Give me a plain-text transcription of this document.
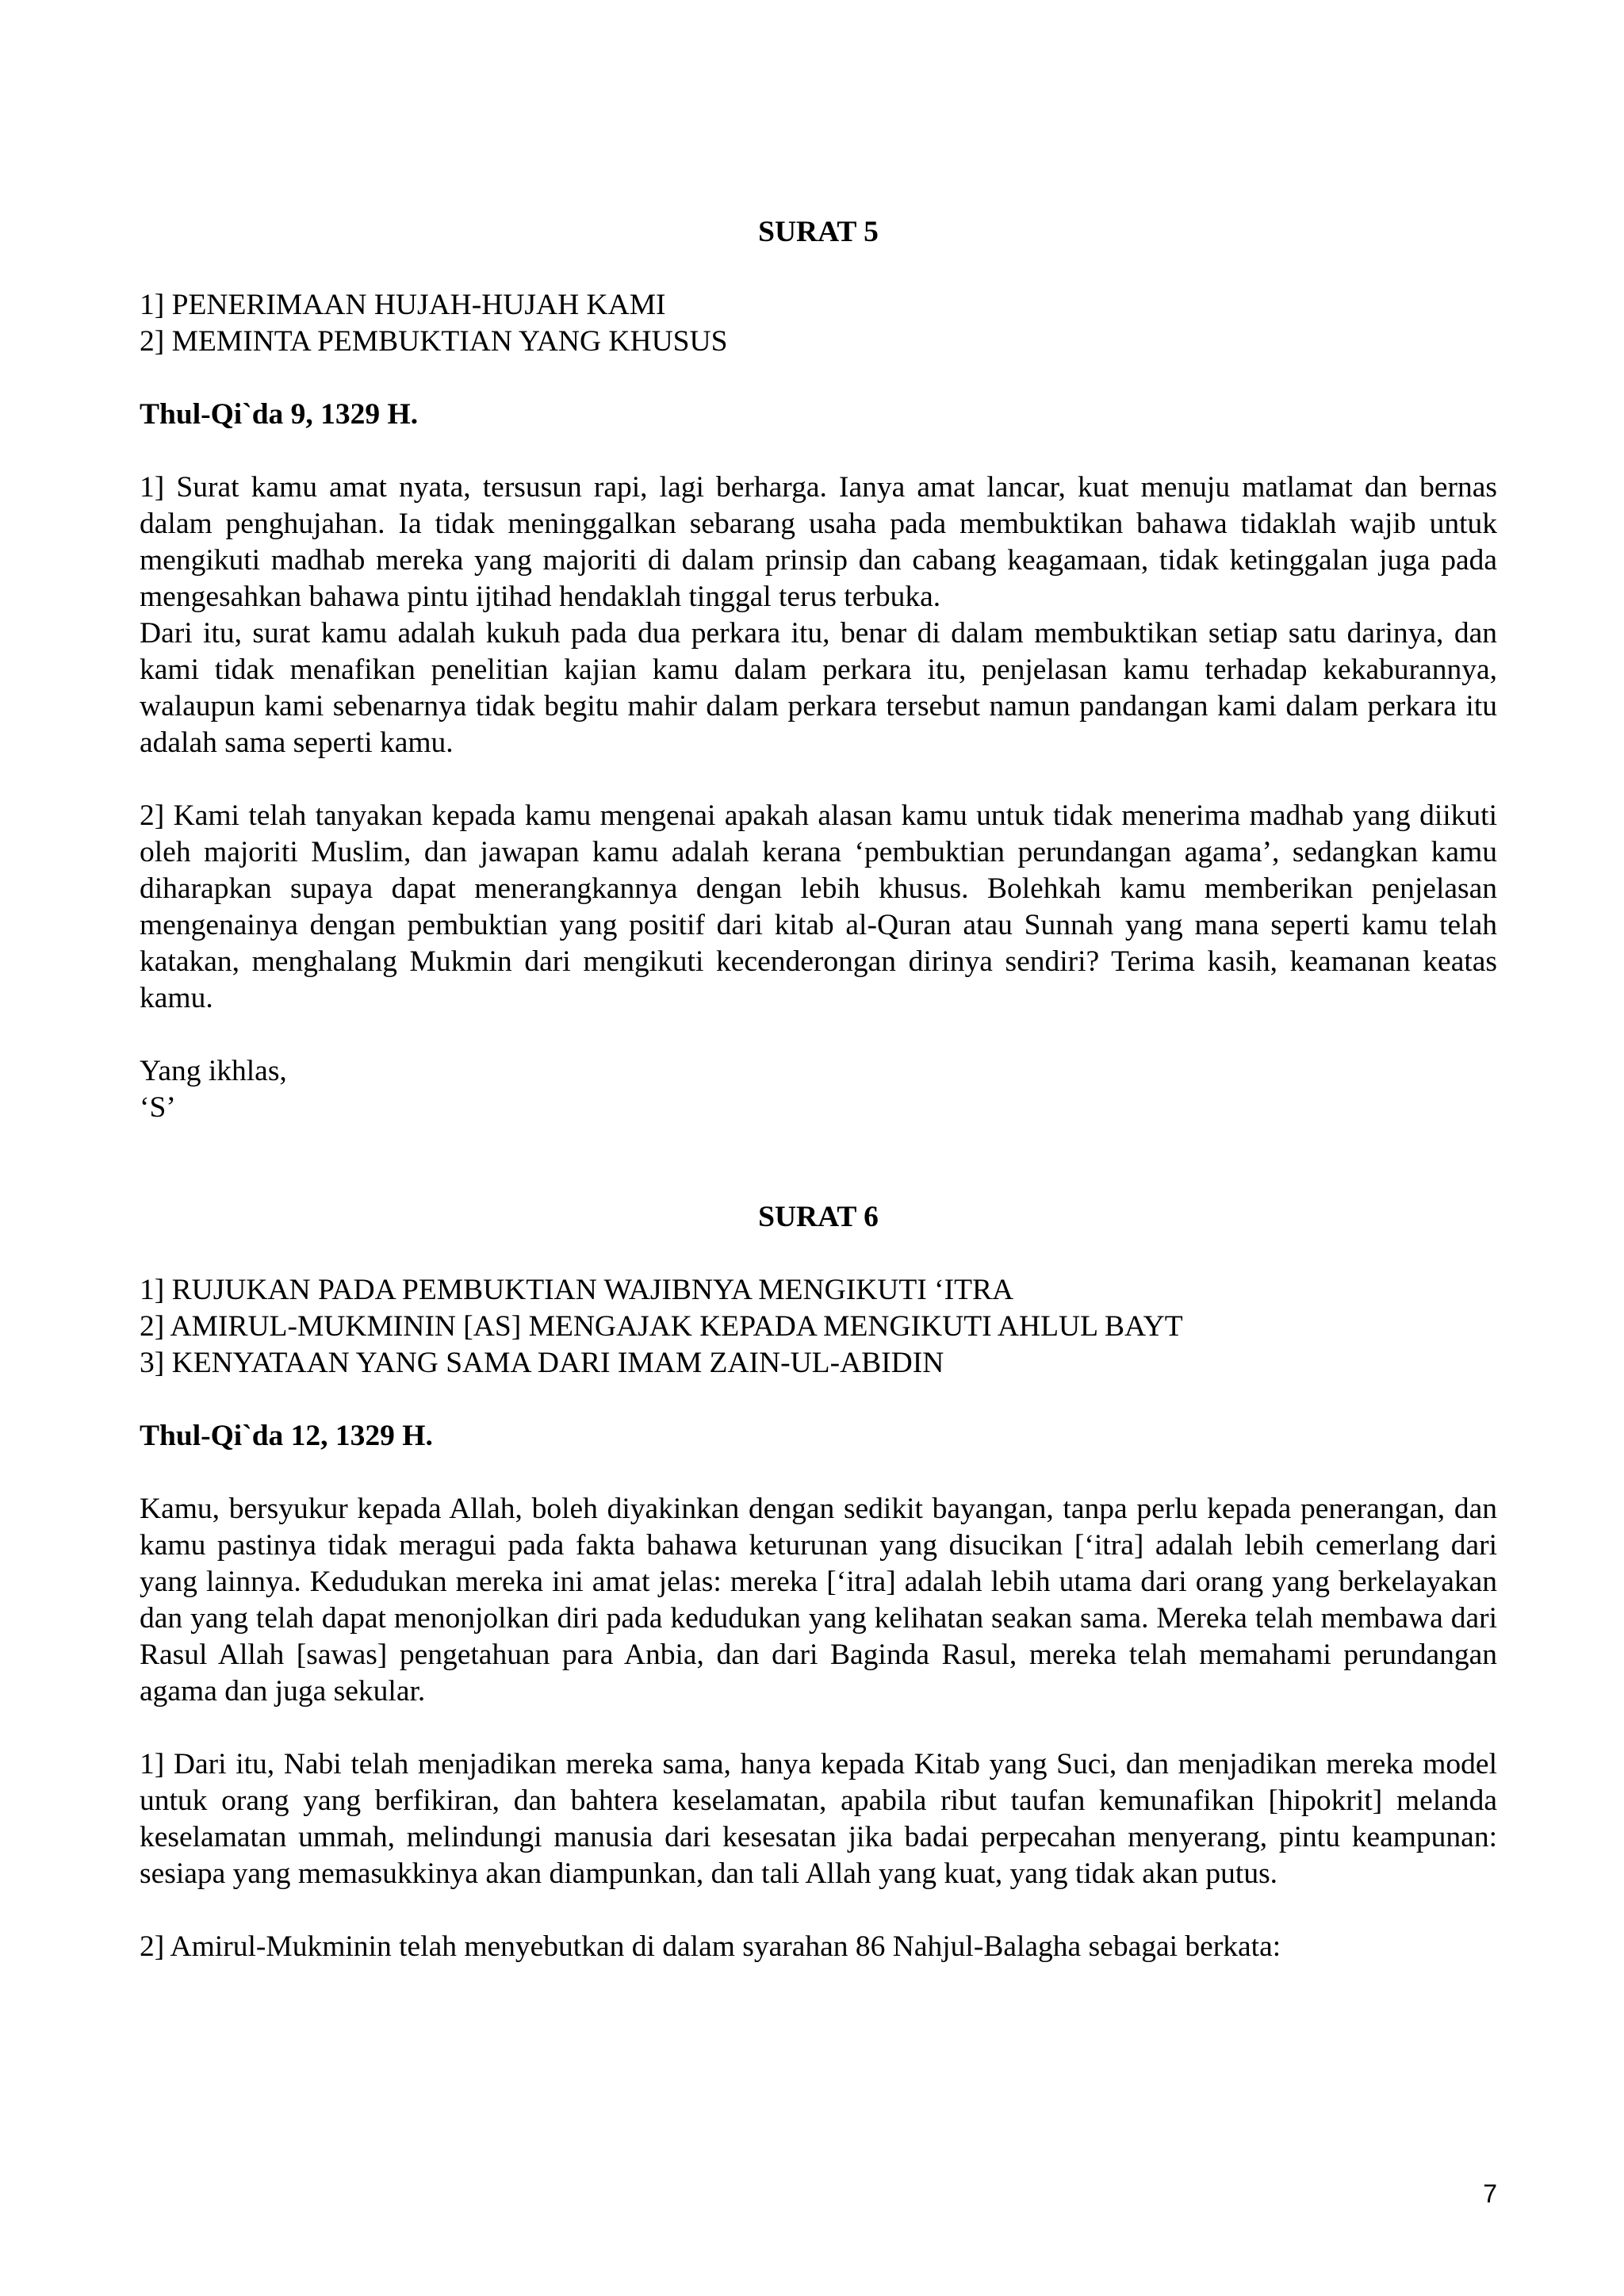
SURAT 5
1] PENERIMAAN HUJAH-HUJAH KAMI
2] MEMINTA PEMBUKTIAN YANG KHUSUS
Thul-Qi`da 9, 1329 H.

1] Surat kamu amat nyata, tersusun rapi, lagi berharga. Ianya amat lancar, kuat menuju matlamat dan bernas dalam penghujahan. Ia tidak meninggalkan sebarang usaha pada membuktikan bahawa tidaklah wajib untuk mengikuti madhab mereka yang majoriti di dalam prinsip dan cabang keagamaan, tidak ketinggalan juga pada mengesahkan bahawa pintu ijtihad hendaklah tinggal terus terbuka.

Dari itu, surat kamu adalah kukuh pada dua perkara itu, benar di dalam membuktikan setiap satu darinya, dan kami tidak menafikan penelitian kajian kamu dalam perkara itu, penjelasan kamu terhadap kekaburannya, walaupun kami sebenarnya tidak begitu mahir dalam perkara tersebut namun pandangan kami dalam perkara itu adalah sama seperti kamu.

2] Kami telah tanyakan kepada kamu mengenai apakah alasan kamu untuk tidak menerima madhab yang diikuti oleh majoriti Muslim, dan jawapan kamu adalah kerana ‘pembuktian perundangan agama’, sedangkan kamu diharapkan supaya dapat menerangkannya dengan lebih khusus. Bolehkah kamu memberikan penjelasan mengenainya dengan pembuktian yang positif dari kitab al-Quran atau Sunnah yang mana seperti kamu telah katakan, menghalang Mukmin dari mengikuti kecenderongan dirinya sendiri? Terima kasih, keamanan keatas kamu.

Yang ikhlas,

‘S’

SURAT 6
1] RUJUKAN PADA PEMBUKTIAN WAJIBNYA MENGIKUTI ‘ITRA
2] AMIRUL-MUKMININ [AS] MENGAJAK KEPADA MENGIKUTI AHLUL BAYT
3] KENYATAAN YANG SAMA DARI IMAM ZAIN-UL-ABIDIN
Thul-Qi`da 12, 1329 H.

Kamu, bersyukur kepada Allah, boleh diyakinkan dengan sedikit bayangan, tanpa perlu kepada penerangan, dan kamu pastinya tidak meragui pada fakta bahawa keturunan yang disucikan [‘itra] adalah lebih cemerlang dari yang lainnya. Kedudukan mereka ini amat jelas: mereka [‘itra] adalah lebih utama dari orang yang berkelayakan dan yang telah dapat menonjolkan diri pada kedudukan yang kelihatan seakan sama. Mereka telah membawa dari Rasul Allah [sawas] pengetahuan para Anbia, dan dari Baginda Rasul, mereka telah memahami perundangan agama dan juga sekular.

1] Dari itu, Nabi telah menjadikan mereka sama, hanya kepada Kitab yang Suci, dan menjadikan mereka model untuk orang yang berfikiran, dan bahtera keselamatan, apabila ribut taufan kemunafikan [hipokrit] melanda keselamatan ummah, melindungi manusia dari kesesatan jika badai perpecahan menyerang, pintu keampunan: sesiapa yang memasukkinya akan diampunkan, dan tali Allah yang kuat, yang tidak akan putus.

2] Amirul-Mukminin telah menyebutkan di dalam syarahan 86 Nahjul-Balagha sebagai berkata:

7
